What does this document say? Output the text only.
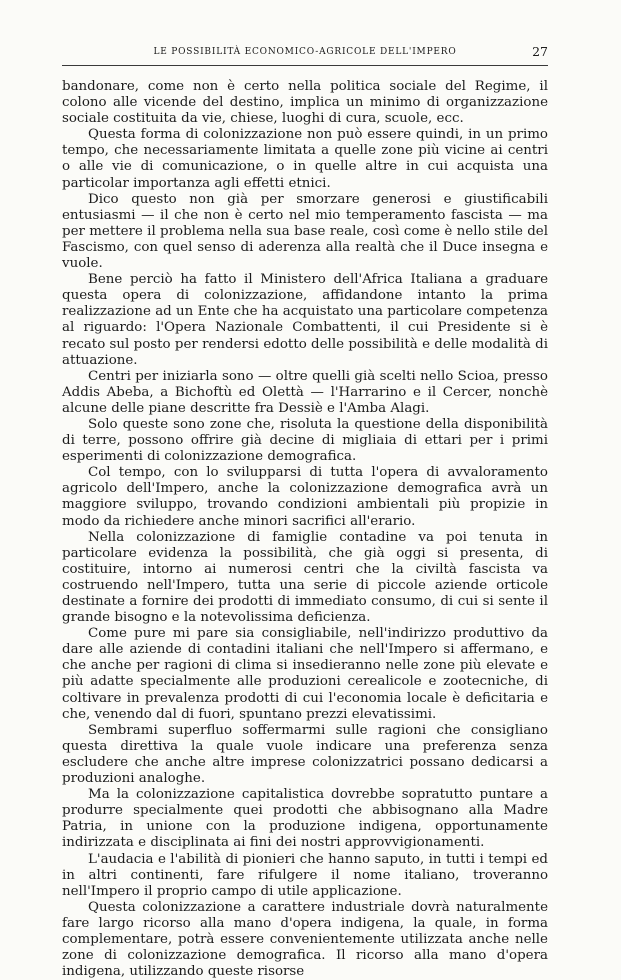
LE POSSIBILITÀ ECONOMICO-AGRICOLE DELL'IMPERO	27

bandonare, come non è certo nella politica sociale del Regime, il colono alle vicende del destino, implica un minimo di organizzazione sociale costituita da vie, chiese, luoghi di cura, scuole, ecc.

Questa forma di colonizzazione non può essere quindi, in un primo tempo, che necessariamente limitata a quelle zone più vicine ai centri o alle vie di comunicazione, o in quelle altre in cui acquista una particolar importanza agli effetti etnici.

Dico questo non già per smorzare generosi e giustificabili entusiasmi — il che non è certo nel mio temperamento fascista — ma per mettere il problema nella sua base reale, così come è nello stile del Fascismo, con quel senso di aderenza alla realtà che il Duce insegna e vuole.

Bene perciò ha fatto il Ministero dell'Africa Italiana a graduare questa opera di colonizzazione, affidandone intanto la prima realizzazione ad un Ente che ha acquistato una particolare competenza al riguardo: l'Opera Nazionale Combattenti, il cui Presidente si è recato sul posto per rendersi edotto delle possibilità e delle modalità di attuazione.

Centri per iniziarla sono — oltre quelli già scelti nello Scioa, presso Addis Abeba, a Bichoftù ed Olettà — l'Harrarino e il Cercer, nonchè alcune delle piane descritte fra Dessiè e l'Amba Alagi.

Solo queste sono zone che, risoluta la questione della disponibilità di terre, possono offrire già decine di migliaia di ettari per i primi esperimenti di colonizzazione demografica.

Col tempo, con lo svilupparsi di tutta l'opera di avvaloramento agricolo dell'Impero, anche la colonizzazione demografica avrà un maggiore sviluppo, trovando condizioni ambientali più propizie in modo da richiedere anche minori sacrifici all'erario.

Nella colonizzazione di famiglie contadine va poi tenuta in particolare evidenza la possibilità, che già oggi si presenta, di costituire, intorno ai numerosi centri che la civiltà fascista va costruendo nell'Impero, tutta una serie di piccole aziende orticole destinate a fornire dei prodotti di immediato consumo, di cui si sente il grande bisogno e la notevolissima deficienza.

Come pure mi pare sia consigliabile, nell'indirizzo produttivo da dare alle aziende di contadini italiani che nell'Impero si affermano, e che anche per ragioni di clima si insedieranno nelle zone più elevate e più adatte specialmente alle produzioni cerealicole e zootecniche, di coltivare in prevalenza prodotti di cui l'economia locale è deficitaria e che, venendo dal di fuori, spuntano prezzi elevatissimi.

Sembrami superfluo soffermarmi sulle ragioni che consigliano questa direttiva la quale vuole indicare una preferenza senza escludere che anche altre imprese colonizzatrici possano dedicarsi a produzioni analoghe.

Ma la colonizzazione capitalistica dovrebbe sopratutto puntare a produrre specialmente quei prodotti che abbisognano alla Madre Patria, in unione con la produzione indigena, opportunamente indirizzata e disciplinata ai fini dei nostri approvvigionamenti.

L'audacia e l'abilità di pionieri che hanno saputo, in tutti i tempi ed in altri continenti, fare rifulgere il nome italiano, troveranno nell'Impero il proprio campo di utile applicazione.

Questa colonizzazione a carattere industriale dovrà naturalmente fare largo ricorso alla mano d'opera indigena, la quale, in forma complementare, potrà essere convenientemente utilizzata anche nelle zone di colonizzazione demografica. Il ricorso alla mano d'opera indigena, utilizzando queste risorse
